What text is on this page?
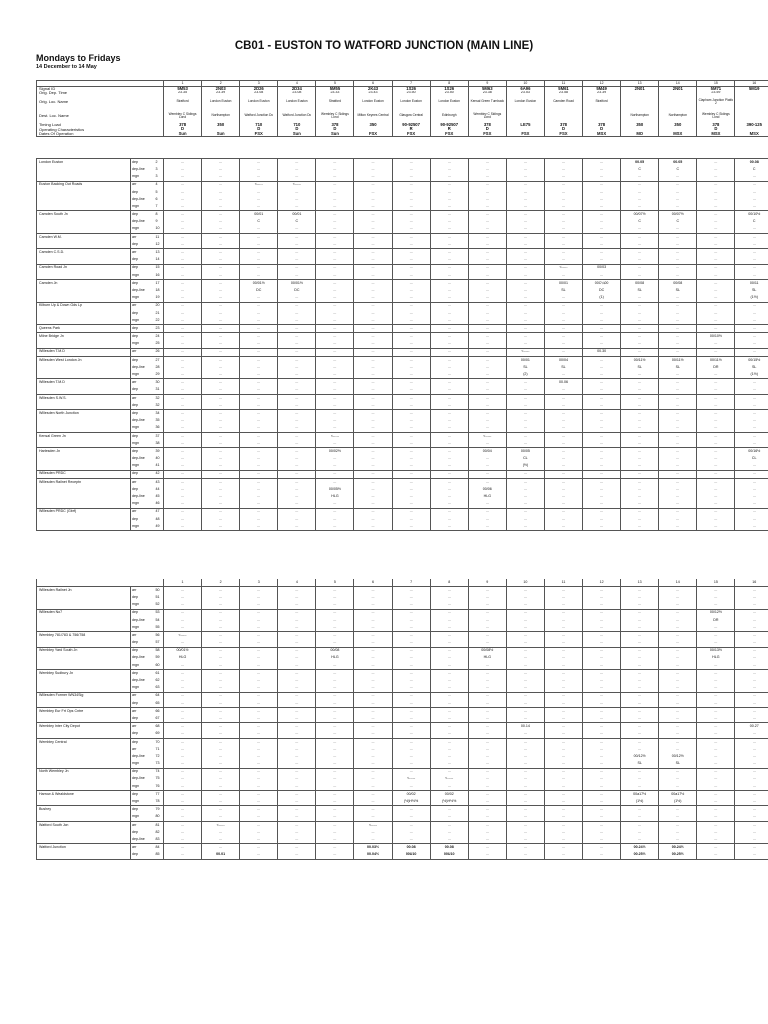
CB01 - EUSTON TO WATFORD JUNCTION (MAIN LINE)
Mondays to Fridays
14 December to 14 May
	1	2	3	4	5	6	7	8	9	10	11	12	13	14	15	16
Signal ID	5M53	2N03	2D26	2D34	5M55	2K43	1S26	1S26	5M63	6A96	5M61	5M49	2N01	2N01	5M71	5M19
Orig. Dep. Time	23.35	23.39	23.08	23.08	23.33	23.43	23.50	23.50	23.38	23.53	23.58	23.39			23.59	
Orig. Loc. Name	Stratford	London Euston	London Euston	London Euston	Stratford	London Euston	London Euston	London Euston	Kensal Green Turnback	London Euston	Camden Road	Stratford			Clapham Junction Platfo 2	
Dest. Loc. Name	Wembley C Sidings Lond	Northampton	Watford Junction Dc	Watford Junction Dc	Wembley C Sidings Lond	Milton Keynes Central	Glasgow Central	Edinburgh	Wembley C Sidings Lond				Northampton	Northampton	Wembley C Sidings Lond	
Timing Load	378	350	710	710	378	350	90-92507	90-92507	378	LE75	378	378	350	350	378	390-125
Operating Characteristics	D		D	D	D		R	R	D		D	D			D	
Dates Of Operation	Sun	Sun	FSX	Sun	Sun	FSX	FSX	FSX	FSX	FSX	FSX	MSX	MO	MSX	MSX	MSX
London Euston	dep	2	...	...	...	...	...	...	...	...	...	...	...	...	00.05	00.05	...	00.08
	dep-line	3	...	...	...	...	...	...	...	...	...	...	...	...	C	C	...	C
	mgn	3	...	...	...	...	...	...	...	...	...	...	...	...	...	...	...	...
Euston Backing Out Roads	arr	4	...	...	<-----	<-----	...	...	...	...	...	...	...	...	...	...	...	...
	dep	5	...	...	...	...	...	...	...	...	...	...	...	...	...	...	...	...
	dep-line	6	...	...	...	...	...	...	...	...	...	...	...	...	...	...	...	...
	mgn	7	...	...	...	...	...	...	...	...	...	...	...	...	...	...	...	...
Camden South Jn	dep	8	...	...	00/01	00/01	...	...	...	...	...	...	...	...	00/07½	00/07½	...	00/10½
	dep-line	9	...	...	C	C	...	...	...	...	...	...	...	...	C	C	...	C
	mgn	10	...	...	...	...	...	...	...	...	...	...	...	...	...	...	...	...
Camden W.M.	arr	11	...	...	...	...	...	...	...	...	...	...	...	...	...	...	...	...
	dep	12	...	...	...	...	...	...	...	...	...	...	...	...	...	...	...	...
Camden C.S.D.	arr	13	...	...	...	...	...	...	...	...	...	...	...	...	...	...	...	...
	dep	14	...	...	...	...	...	...	...	...	...	...	...	...	...	...	...	...
Camden Road Jn	dep	15	...	...	...	...	...	...	...	...	...	...	<-----	00/03	...	...	...	...
	mgn	16	...	...	...	...	...	...	...	...	...	...	...	...	...	...	...	...
Camden Jn	dep	17	...	...	00/01½	00/01½	...	...	...	...	...	...	00/01	00C¼00	00/08	00/08	...	00/11
	dep-line	18	...	...	DC	DC	...	...	...	...	...	...	SL	DC	SL	SL	...	SL
	mgn	19	...	...	...	...	...	...	...	...	...	...	...	(1)	...	...	...	(1½)
Kilburn Up & Down Gds Lp	arr	20	...	...	...	...	...	...	...	...	...	...	...	...	...	...	...	...
	dep	21	...	...	...	...	...	...	...	...	...	...	...	...	...	...	...	...
	mgn	22	...	...	...	...	...	...	...	...	...	...	...	...	...	...	...	...
Queens Park	dep	23	...	...	...	...	...	...	...	...	...	...	...	...	...	...	...	...
Milne Bridge Jn	dep	24	...	...	...	...	...	...	...	...	...	...	...	...	...	...	00/10½	...
	mgn	25	...	...	...	...	...	...	...	...	...	...	...	...	...	...	...	...
Willesden T.M.D	arr	26	...	...	...	...	...	...	...	...	...	<-----	...	00.30	...	...	...	...
Willesden West London Jn	dep	27	...	...	...	...	...	...	...	...	...	00/01	00/04	...	00/11½	00/11½	00/11½	00/15½
	dep-line	28	...	...	...	...	...	...	...	...	...	SL	SL	...	SL	SL	DR	SL
	mgn	29	...	...	...	...	...	...	...	...	...	(2)	...	...	...	...	...	(1½)
Willesden T.M.D	arr	30	...	...	...	...	...	...	...	...	...	...	00.06	...	...	...	...	...
	dep	31	...	...	...	...	...	...	...	...	...	...	...	...	...	...	...	...
Willesden S.W.S.	arr	32	...	...	...	...	...	...	...	...	...	...	...	...	...	...	...	...
	dep	32	...	...	...	...	...	...	...	...	...	...	...	...	...	...	...	...
Willesden North Junction	dep	34	...	...	...	...	...	...	...	...	...	...	...	...	...	...	...	...
	dep-line	35	...	...	...	...	...	...	...	...	...	...	...	...	...	...	...	...
	mgn	36	...	...	...	...	...	...	...	...	...	...	...	...	...	...	...	...
Kensal Green Jn	dep	37	...	...	...	...	<-----	...	...	...	<-----	...	...	...	...	...	...	...
	mgn	38	...	...	...	...	...	...	...	...	...	...	...	...	...	...	...	...
Harlesden Jn	dep	39	...	...	...	...	00/02½	...	...	...	00/04	00/05	...	...	...	...	...	00/16½
	dep-line	40	...	...	...	...	...	...	...	...	...	CL	...	...	...	...	...	CL
	mgn	41	...	...	...	...	...	...	...	...	...	(½)	...	...	...	...	...	...
Willesden PRDC	dep	42	...	...	...	...	...	...	...	...	...	...	...	...	...	...	...	...
Willesden Railnet Receptn	arr	43	...	...	...	...	...	...	...	...	...	...	...	...	...	...	...	...
	dep	44	...	...	...	...	00/05½	...	...	...	00/06	...	...	...	...	...	...	...
	dep-line	45	...	...	...	...	HLG	...	...	...	HLG	...	...	...	...	...	...	...
	mgn	46	...	...	...	...	...	...	...	...	...	...	...	...	...	...	...	...
Willesden PRDC (Gbrf)	arr	47	...	...	...	...	...	...	...	...	...	...	...	...	...	...	...	...
	dep	48	...	...	...	...	...	...	...	...	...	...	...	...	...	...	...	...
	mgn	49	...	...	...	...	...	...	...	...	...	...	...	...	...	...	...	...
	1	2	3	4	5	6	7	8	9	10	11	12	13	14	15	16
Willesden Railnet Jn	arr	50	...	...	...	...	...	...	...	...	...	...	...	...	...	...	...	...
	dep	51	...	...	...	...	...	...	...	...	...	...	...	...	...	...	...	...
	mgn	52	...	...	...	...	...	...	...	...	...	...	...	...	...	...	...	...
Willesden No7	dep	53	...	...	...	...	...	...	...	...	...	...	...	...	...	...	00/12½	...
	dep-line	54	...	...	...	...	...	...	...	...	...	...	...	...	...	...	DR	...
	mgn	55	...	...	...	...	...	...	...	...	...	...	...	...	...	...	...	...
Wembley 781/783 & 756/758	arr	56	<-----	...	...	...	...	...	...	...	...	...	...	...	...	...	...	...
	dep	57	...	...	...	...	...	...	...	...	...	...	...	...	...	...	...	...
Wembley Yard South Jn	dep	58	00/01½	...	...	...	00/08	...	...	...	00/08½	...	...	...	...	...	00/13½	...
	dep-line	59	HLG	...	...	...	HLG	...	...	...	HLG	...	...	...	...	...	HLG	...
	mgn	60	...	...	...	...	...	...	...	...	...	...	...	...	...	...	...	...
Wembley Sudbury Jn	dep	61	...	...	...	...	...	...	...	...	...	...	...	...	...	...	...	...
	dep-line	62	...	...	...	...	...	...	...	...	...	...	...	...	...	...	...	...
	mgn	63	...	...	...	...	...	...	...	...	...	...	...	...	...	...	...	...
Willesden Former WN34Sig	arr	64	...	...	...	...	...	...	...	...	...	...	...	...	...	...	...	...
	dep	65	...	...	...	...	...	...	...	...	...	...	...	...	...	...	...	...
Wembley Eur Frt Ops Cntre	arr	66	...	...	...	...	...	...	...	...	...	...	...	...	...	...	...	...
	dep	67	...	...	...	...	...	...	...	...	...	...	...	...	...	...	...	...
Wembley Inter City Depot	arr	68	...	...	...	...	...	...	...	...	...	00.14	...	...	...	...	...	00.27
	dep	69	...	...	...	...	...	...	...	...	...	...	...	...	...	...	...	...
Wembley Central	dep	70	...	...	...	...	...	...	...	...	...	...	...	...	...	...	...	...
	arr	71	...	...	...	...	...	...	...	...	...	...	...	...	...	...	...	...
	dep-line	72	...	...	...	...	...	...	...	...	...	...	...	...	00/12½	00/12½	...	...
	mgn	73	...	...	...	...	...	...	...	...	...	...	...	...	SL	SL	...	...
North Wembley Jn	dep	74	...	...	...	...	...	...	...	...	...	...	...	...	...	...	...	...
	dep-line	75	...	...	...	...	...	...	<-----	<-----	...	...	...	...	...	...	...	...
	mgn	76	...	...	...	...	...	...	...	...	...	...	...	...	...	...	...	...
Harrow & Wealdstone	dep	77	...	...	...	...	...	...	00/02	00/02	...	...	...	...	00a17½	00a17½	...	...
	mgn	78	...	...	...	...	...	...	(½)H½%	(½)H½%	...	...	...	...	(1½)	(1½)	...	...
Bushey	dep	79	...	...	...	...	...	...	...	...	...	...	...	...	...	...	...	...
	mgn	80	...	...	...	...	...	...	...	...	...	...	...	...	...	...	...	...
Watford South Jcn	arr	81	...	<-----	...	...	...	<-----	...	...	...	...	...	...	...	...	...	...
	dep	82	...	...	...	...	...	...	...	...	...	...	...	...	...	...	...	...
	dep-line	83	...	...	...	...	...	...	...	...	...	...	...	...	...	...	...	...
Watford Junction	arr	84	...	...	...	...	...	00.03½	00.08	00.08	...	...	...	...	00.24½	00.24½	...	...
	dep	85	...	00.01	...	...	...	00.04½	00U10	00U10	...	...	...	...	00.25½	00.25½	...	...
